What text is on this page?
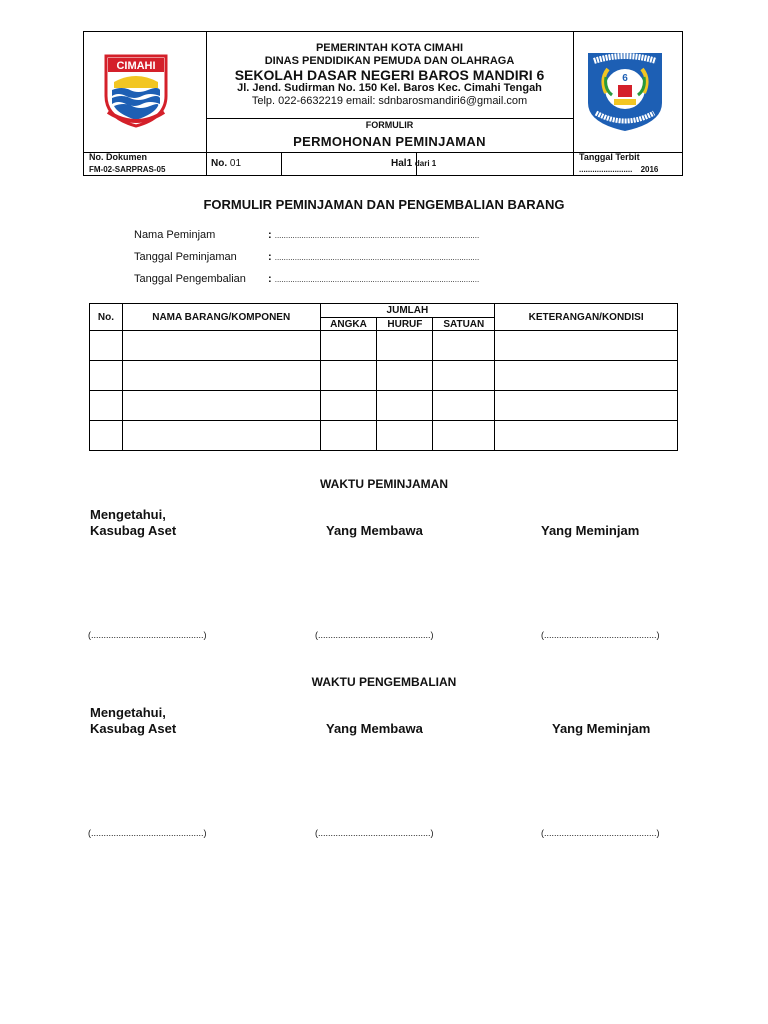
CIMAHI
6
PEMERINTAH KOTA CIMAHI
DINAS PENDIDIKAN PEMUDA DAN OLAHRAGA
SEKOLAH DASAR NEGERI BAROS MANDIRI 6
Jl. Jend. Sudirman No. 150 Kel. Baros Kec. Cimahi Tengah
Telp. 022-6632219 email: sdnbarosmandiri6@gmail.com
FORMULIR
PERMOHONAN PEMINJAMAN
No. Dokumen
FM-02-SARPRAS-05
No. 01	Hal1 dari 1
Tanggal Terbit
........................ 2016
FORMULIR PEMINJAMAN DAN PENGEMBALIAN BARANG
Nama Peminjam	: ............................................................................................
Tanggal Peminjaman	: ............................................................................................
Tanggal Pengembalian : ............................................................................................
No.	NAMA BARANG/KOMPONEN	JUMLAH			KETERANGAN/KONDISI
		ANGKA	HURUF	SATUAN	

WAKTU PEMINJAMAN
Mengetahui,
Kasubag Aset	Yang Membawa	Yang Meminjam
(.............................................)	(.............................................)	(.............................................)
WAKTU PENGEMBALIAN
Mengetahui,
Kasubag Aset	Yang Membawa	Yang Meminjam
(.............................................)	(.............................................)	(.............................................)
